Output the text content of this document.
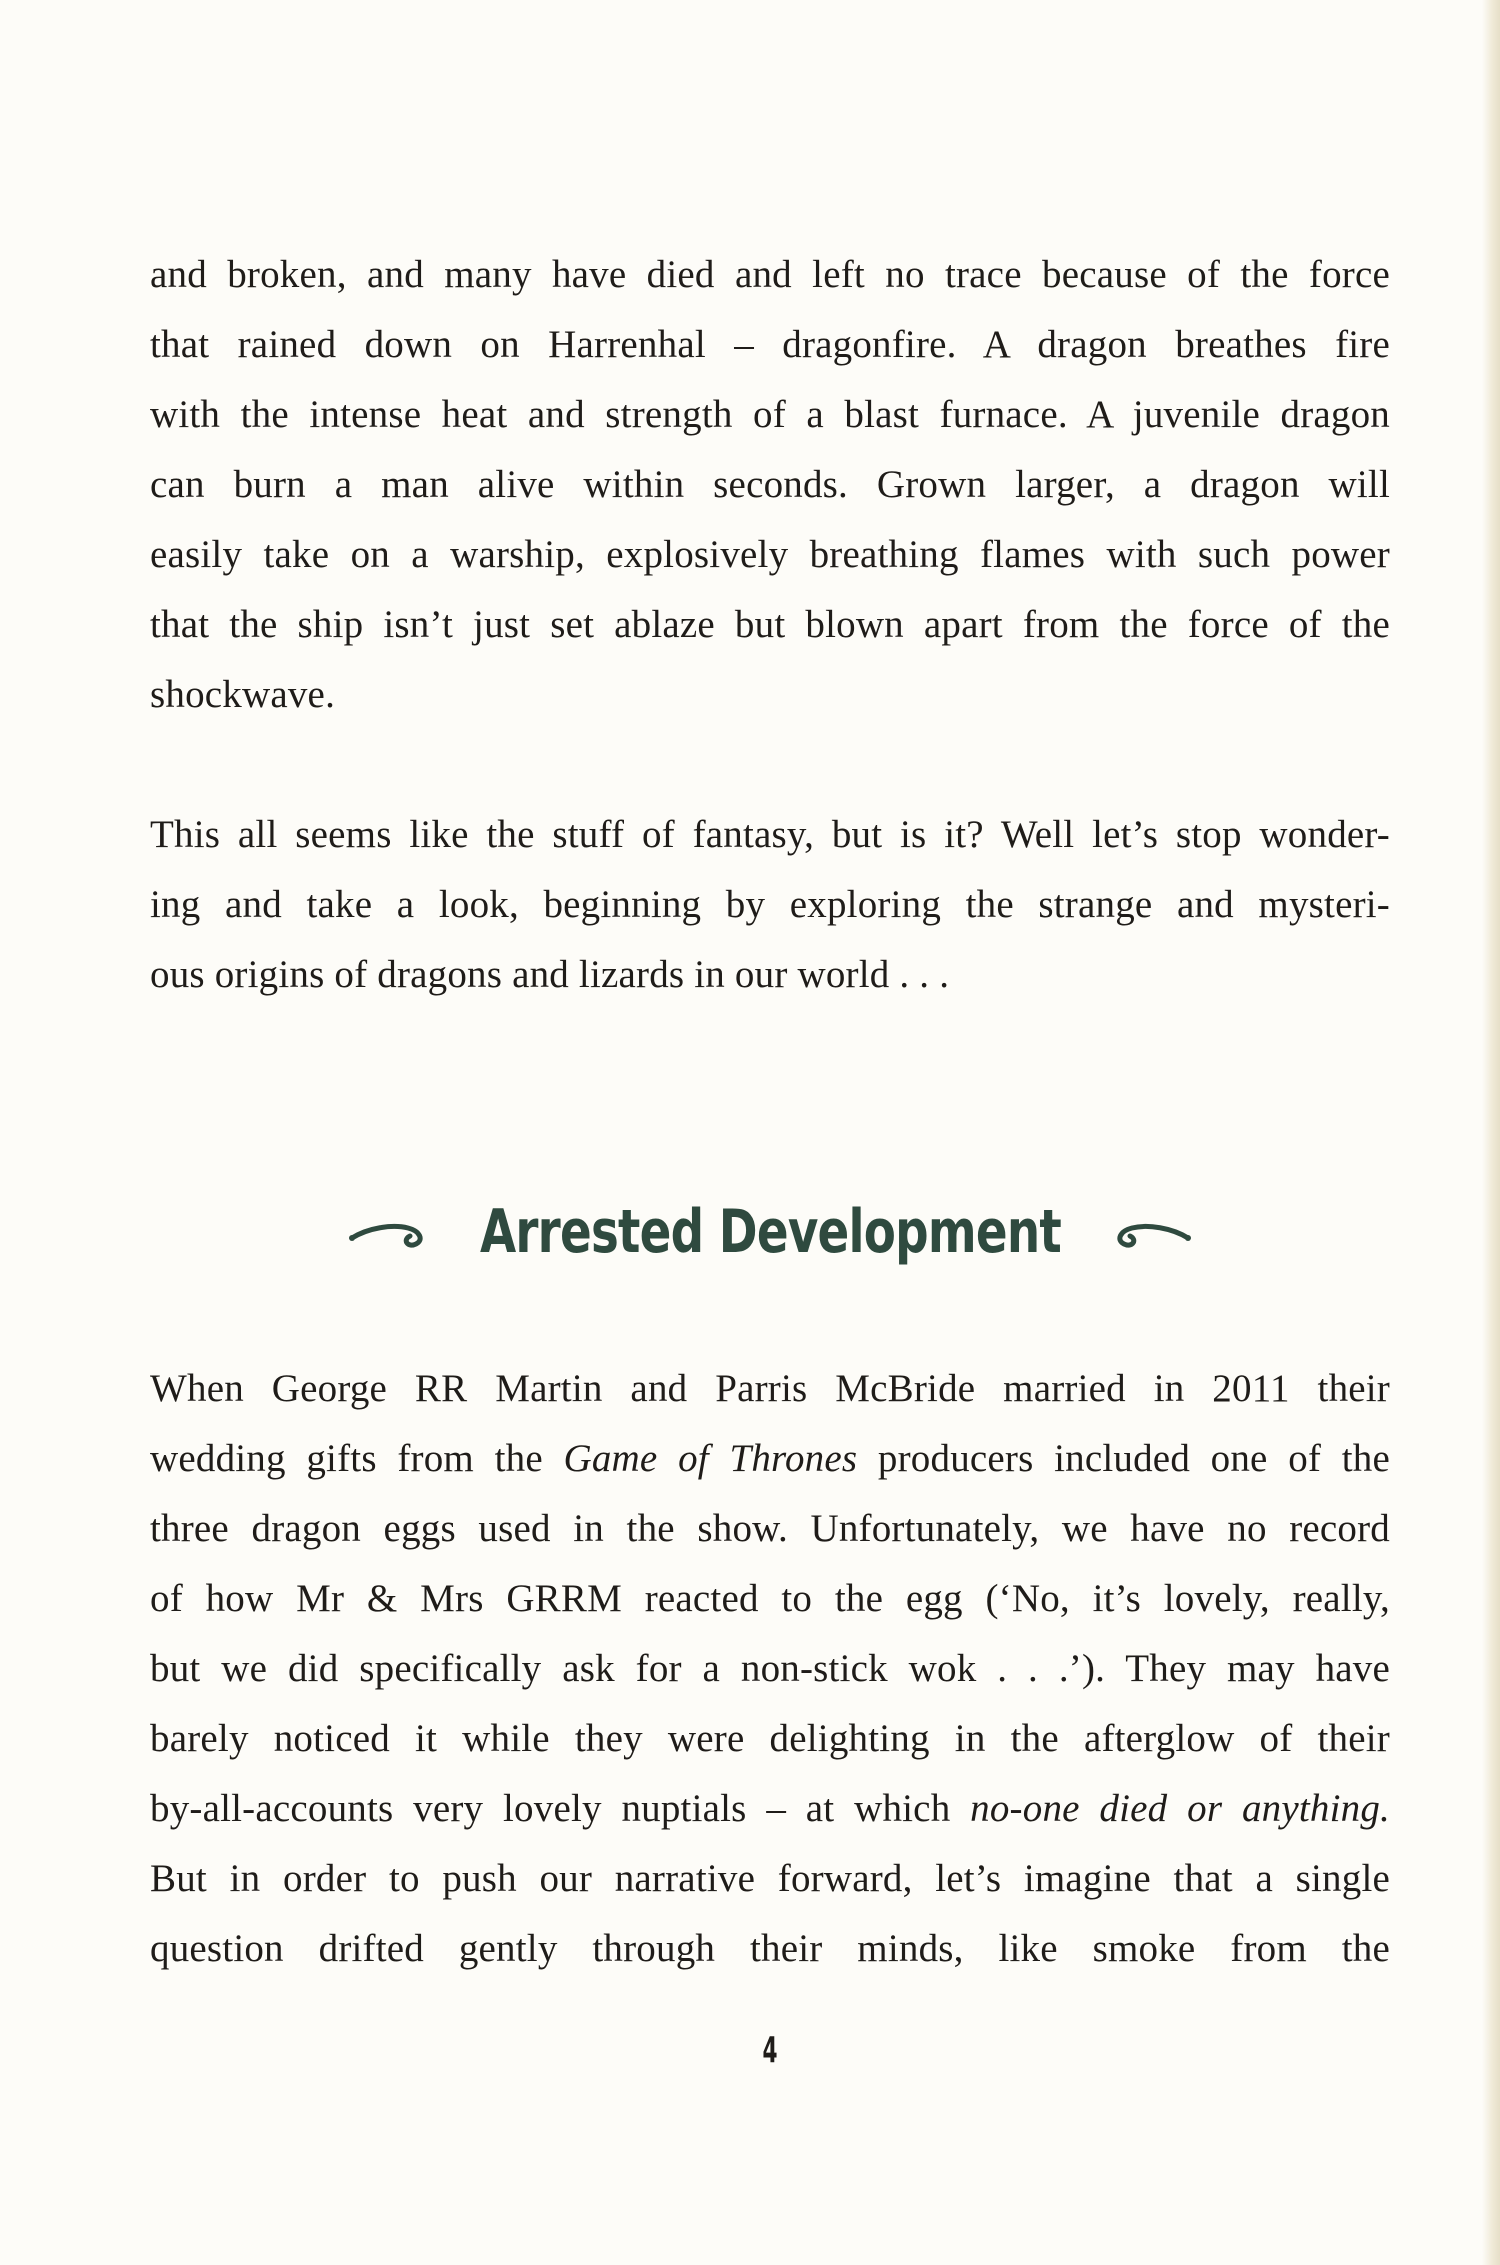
and broken, and many have died and left no trace because of the force
that rained down on Harrenhal – dragonfire. A dragon breathes fire
with the intense heat and strength of a blast furnace. A juvenile dragon
can burn a man alive within seconds. Grown larger, a dragon will
easily take on a warship, explosively breathing flames with such power
that the ship isn’t just set ablaze but blown apart from the force of the
shockwave.
This all seems like the stuff of fantasy, but is it? Well let’s stop wonder-
ing and take a look, beginning by exploring the strange and mysteri-
ous origins of dragons and lizards in our world . . .
Arrested Development
When George RR Martin and Parris McBride married in 2011 their
wedding gifts from the Game of Thrones producers included one of the
three dragon eggs used in the show. Unfortunately, we have no record
of how Mr & Mrs GRRM reacted to the egg (‘No, it’s lovely, really,
but we did specifically ask for a non-stick wok . . .’). They may have
barely noticed it while they were delighting in the afterglow of their
by-all-accounts very lovely nuptials – at which no-one died or anything.
But in order to push our narrative forward, let’s imagine that a single
question drifted gently through their minds, like smoke from the
4
